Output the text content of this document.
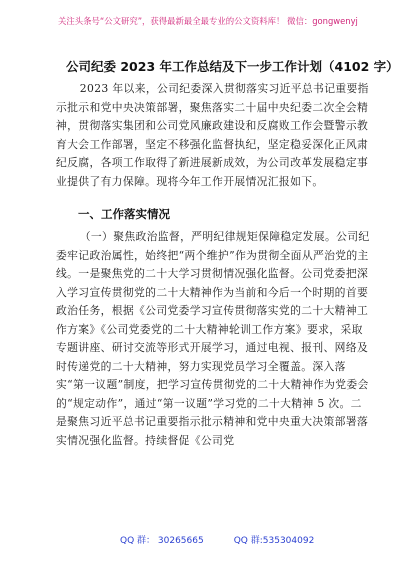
关注头条号“公文研究”，获得最新最全最专业的公文资料库！ 微信：gongwenyj
公司纪委 2023 年工作总结及下一步工作计划（4102 字）
2023 年以来，公司纪委深入贯彻落实习近平总书记重要指示批示和党中央决策部署，聚焦落实二十届中央纪委二次全会精神，贯彻落实集团和公司党风廉政建设和反腐败工作会暨警示教育大会工作部署，坚定不移强化监督执纪，坚定稳妥深化正风肃纪反腐，各项工作取得了新进展新成效，为公司改革发展稳定事业提供了有力保障。现将今年工作开展情况汇报如下。
一、工作落实情况
（一）聚焦政治监督，严明纪律规矩保障稳定发展。公司纪委牢记政治属性，始终把“两个维护”作为贯彻全面从严治党的主线。一是聚焦党的二十大学习贯彻情况强化监督。公司党委把深入学习宣传贯彻党的二十大精神作为当前和今后一个时期的首要政治任务，根据《公司党委学习宣传贯彻落实党的二十大精神工作方案》《公司党委党的二十大精神轮训工作方案》要求，采取专题讲座、研讨交流等形式开展学习，通过电视、报刊、网络及时传递党的二十大精神，努力实现党员学习全覆盖。深入落实“第一议题”制度，把学习宣传贯彻党的二十大精神作为党委会的“规定动作”，通过“第一议题”学习党的二十大精神 5 次。二是聚焦习近平总书记重要指示批示精神和党中央重大决策部署落实情况强化监督。持续督促《公司党
QQ 群： 30265665	QQ 群:535304092
